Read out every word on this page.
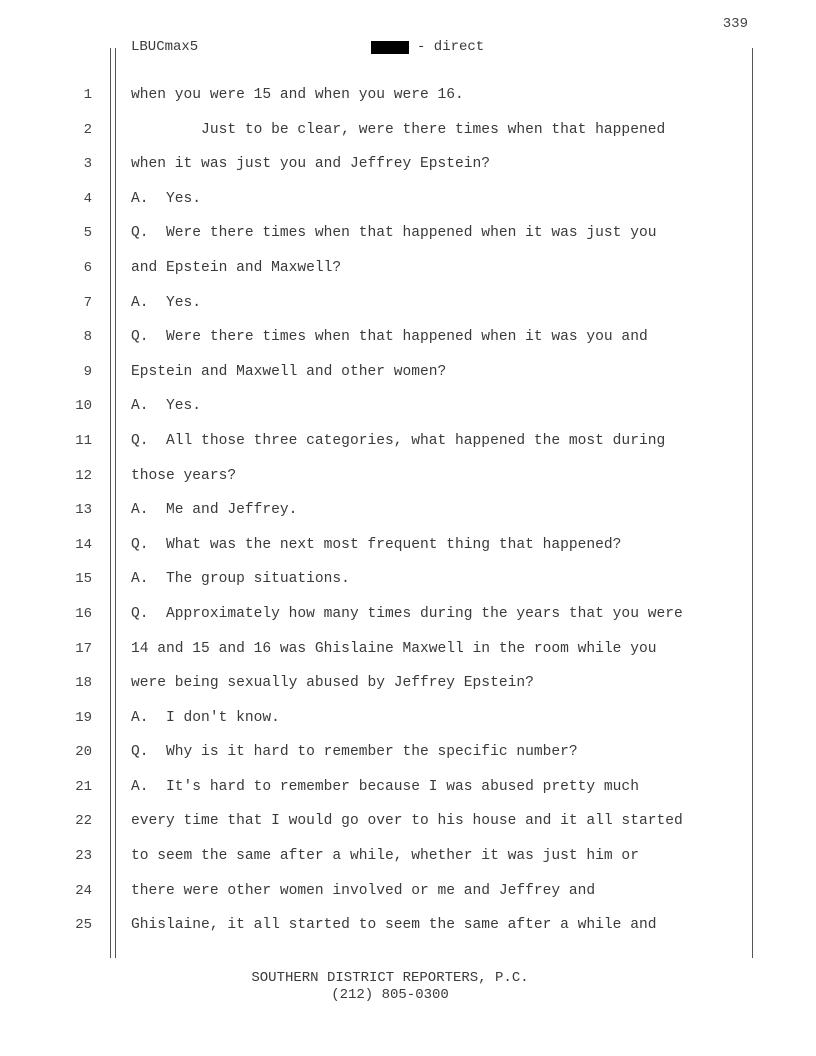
339
LBUCmax5	- direct
1
2
3
4
5
6
7
8
9
10
11
12
13
14
15
16
17
18
19
20
21
22
23
24
25
when you were 15 and when you were 16.
Just to be clear, were there times when that happened
when it was just you and Jeffrey Epstein?
A.  Yes.
Q.  Were there times when that happened when it was just you
and Epstein and Maxwell?
A.  Yes.
Q.  Were there times when that happened when it was you and
Epstein and Maxwell and other women?
A.  Yes.
Q.  All those three categories, what happened the most during
those years?
A.  Me and Jeffrey.
Q.  What was the next most frequent thing that happened?
A.  The group situations.
Q.  Approximately how many times during the years that you were
14 and 15 and 16 was Ghislaine Maxwell in the room while you
were being sexually abused by Jeffrey Epstein?
A.  I don't know.
Q.  Why is it hard to remember the specific number?
A.  It's hard to remember because I was abused pretty much
every time that I would go over to his house and it all started
to seem the same after a while, whether it was just him or
there were other women involved or me and Jeffrey and
Ghislaine, it all started to seem the same after a while and
SOUTHERN DISTRICT REPORTERS, P.C.
(212) 805-0300
